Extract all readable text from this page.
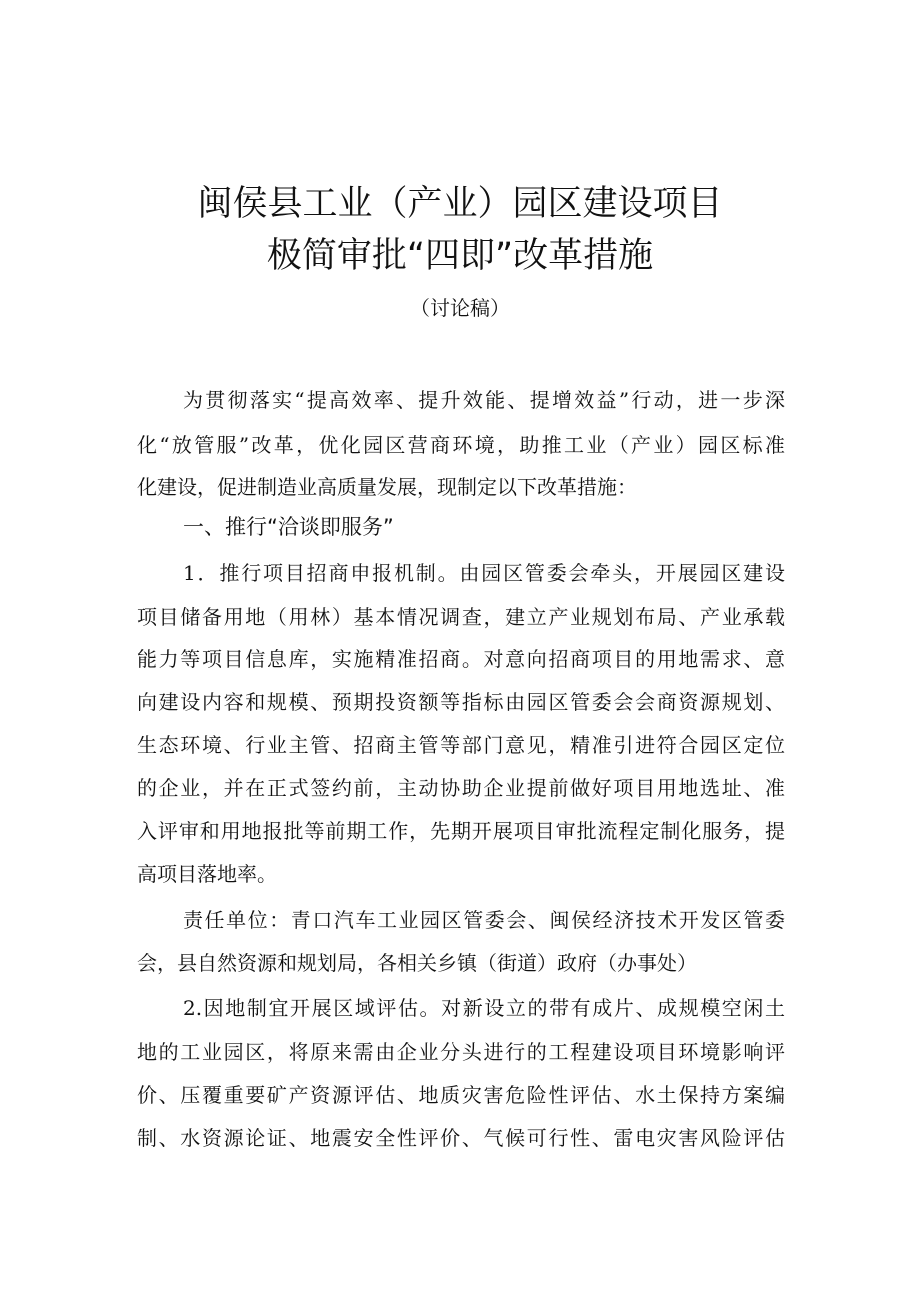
闽侯县工业（产业）园区建设项目
极简审批“四即”改革措施
（讨论稿）
为贯彻落实“提高效率、提升效能、提增效益”行动，进一步深
化“放管服”改革，优化园区营商环境，助推工业（产业）园区标准
化建设，促进制造业高质量发展，现制定以下改革措施：
一、推行“洽谈即服务”
1．推行项目招商申报机制。由园区管委会牵头，开展园区建设
项目储备用地（用林）基本情况调查，建立产业规划布局、产业承载
能力等项目信息库，实施精准招商。对意向招商项目的用地需求、意
向建设内容和规模、预期投资额等指标由园区管委会会商资源规划、
生态环境、行业主管、招商主管等部门意见，精准引进符合园区定位
的企业，并在正式签约前，主动协助企业提前做好项目用地选址、准
入评审和用地报批等前期工作，先期开展项目审批流程定制化服务，提
高项目落地率。
责任单位：青口汽车工业园区管委会、闽侯经济技术开发区管委
会，县自然资源和规划局，各相关乡镇（街道）政府（办事处）
2.因地制宜开展区域评估。对新设立的带有成片、成规模空闲土
地的工业园区，将原来需由企业分头进行的工程建设项目环境影响评
价、压覆重要矿产资源评估、地质灾害危险性评估、水土保持方案编
制、水资源论证、地震安全性评价、气候可行性、雷电灾害风险评估
